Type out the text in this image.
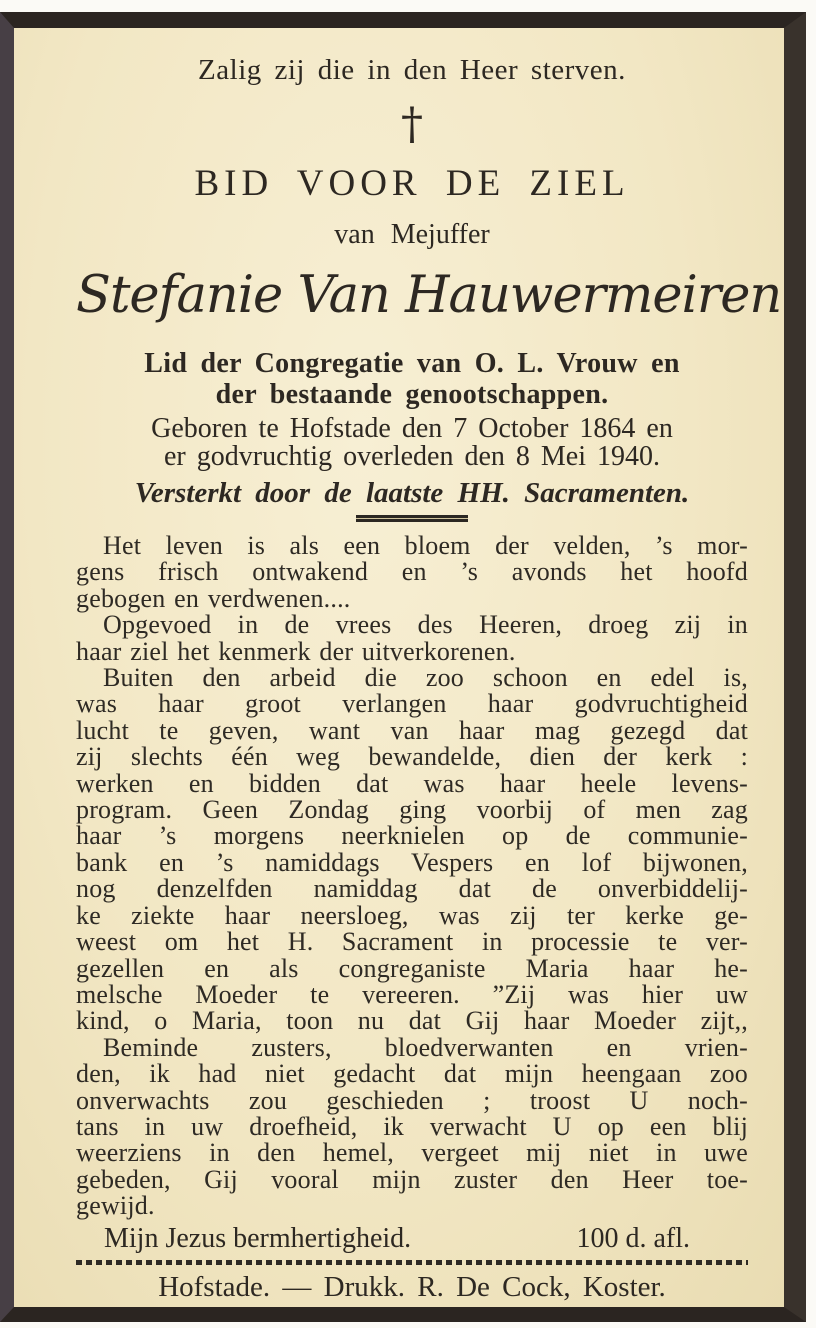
Zalig zij die in den Heer sterven.
†
BID VOOR DE ZIEL
van Mejuffer
Stefanie Van Hauwermeiren
Lid der Congregatie van O. L. Vrouw en
der bestaande genootschappen.
Geboren te Hofstade den 7 October 1864 en
er godvruchtig overleden den 8 Mei 1940.
Versterkt door de laatste HH. Sacramenten.
Het leven is als een bloem der velden, ’s mor-
gens frisch ontwakend en ’s avonds het hoofd
gebogen en verdwenen....
Opgevoed in de vrees des Heeren, droeg zij in
haar ziel het kenmerk der uitverkorenen.
Buiten den arbeid die zoo schoon en edel is,
was haar groot verlangen haar godvruchtigheid
lucht te geven, want van haar mag gezegd dat
zij slechts één weg bewandelde, dien der kerk :
werken en bidden dat was haar heele levens-
program. Geen Zondag ging voorbij of men zag
haar ’s morgens neerknielen op de communie-
bank en ’s namiddags Vespers en lof bijwonen,
nog denzelfden namiddag dat de onverbiddelij-
ke ziekte haar neersloeg, was zij ter kerke ge-
weest om het H. Sacrament in processie te ver-
gezellen en als congreganiste Maria haar he-
melsche Moeder te vereeren. ”Zij was hier uw
kind, o Maria, toon nu dat Gij haar Moeder zijt,,
Beminde zusters, bloedverwanten en vrien-
den, ik had niet gedacht dat mijn heengaan zoo
onverwachts zou geschieden ; troost U noch-
tans in uw droefheid, ik verwacht U op een blij
weerziens in den hemel, vergeet mij niet in uwe
gebeden, Gij vooral mijn zuster den Heer toe-
gewijd.
Mijn Jezus bermhertigheid.	100 d. afl.
Hofstade. — Drukk. R. De Cock, Koster.
